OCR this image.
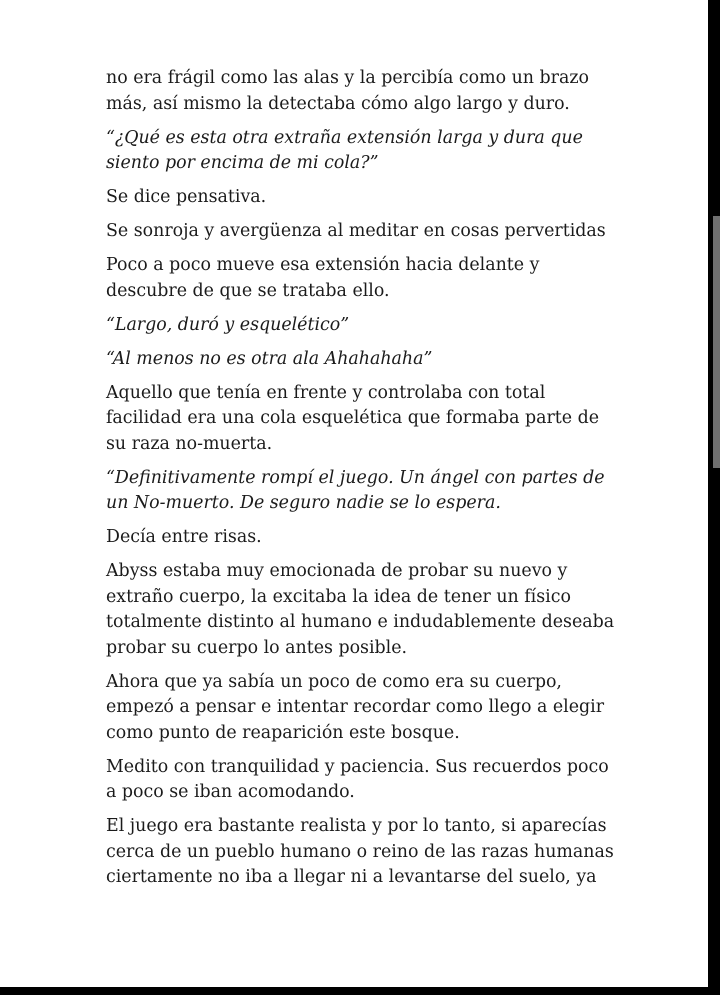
no era frágil como las alas y la percibía como un brazo más, así mismo la detectaba cómo algo largo y duro.

“¿Qué es esta otra extraña extensión larga y dura que siento por encima de mi cola?”

Se dice pensativa.

Se sonroja y avergüenza al meditar en cosas pervertidas

Poco a poco mueve esa extensión hacia delante y descubre de que se trataba ello.

“Largo, duró y esquelético”

“Al menos no es otra ala Ahahahaha”

Aquello que tenía en frente y controlaba con total facilidad era una cola esquelética que formaba parte de su raza no-muerta.

“Definitivamente rompí el juego. Un ángel con partes de un No-muerto. De seguro nadie se lo espera.

Decía entre risas.

Abyss estaba muy emocionada de probar su nuevo y extraño cuerpo, la excitaba la idea de tener un físico totalmente distinto al humano e indudablemente deseaba probar su cuerpo lo antes posible.

Ahora que ya sabía un poco de como era su cuerpo, empezó a pensar e intentar recordar como llego a elegir como punto de reaparición este bosque.

Medito con tranquilidad y paciencia. Sus recuerdos poco a poco se iban acomodando.

El juego era bastante realista y por lo tanto, si aparecías cerca de un pueblo humano o reino de las razas humanas ciertamente no iba a llegar ni a levantarse del suelo, ya
